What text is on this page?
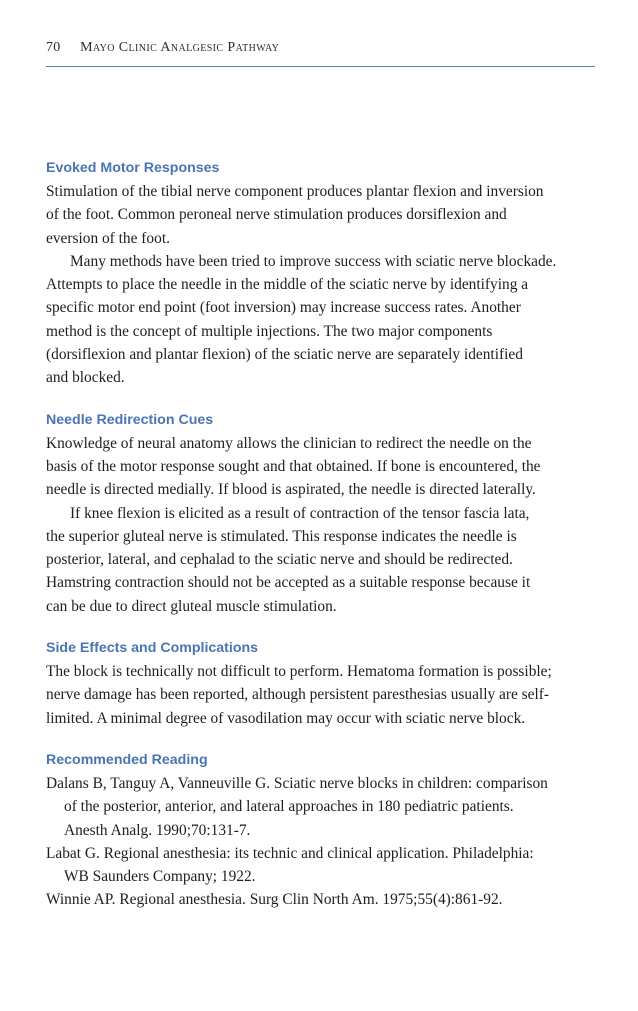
70 Mayo Clinic Analgesic Pathway
Evoked Motor Responses

Stimulation of the tibial nerve component produces plantar flexion and inversion
of the foot. Common peroneal nerve stimulation produces dorsiflexion and
eversion of the foot.

Many methods have been tried to improve success with sciatic nerve blockade.
Attempts to place the needle in the middle of the sciatic nerve by identifying a
specific motor end point (foot inversion) may increase success rates. Another
method is the concept of multiple injections. The two major components
(dorsiflexion and plantar flexion) of the sciatic nerve are separately identified
and blocked.

Needle Redirection Cues

Knowledge of neural anatomy allows the clinician to redirect the needle on the
basis of the motor response sought and that obtained. If bone is encountered, the
needle is directed medially. If blood is aspirated, the needle is directed laterally.

If knee flexion is elicited as a result of contraction of the tensor fascia lata,
the superior gluteal nerve is stimulated. This response indicates the needle is
posterior, lateral, and cephalad to the sciatic nerve and should be redirected.
Hamstring contraction should not be accepted as a suitable response because it
can be due to direct gluteal muscle stimulation.

Side Effects and Complications

The block is technically not difficult to perform. Hematoma formation is possible;
nerve damage has been reported, although persistent paresthesias usually are self-
limited. A minimal degree of vasodilation may occur with sciatic nerve block.

Recommended Reading

Dalans B, Tanguy A, Vanneuville G. Sciatic nerve blocks in children: comparison
of the posterior, anterior, and lateral approaches in 180 pediatric patients.
Anesth Analg. 1990;70:131-7.

Labat G. Regional anesthesia: its technic and clinical application. Philadelphia:
WB Saunders Company; 1922.

Winnie AP. Regional anesthesia. Surg Clin North Am. 1975;55(4):861-92.
